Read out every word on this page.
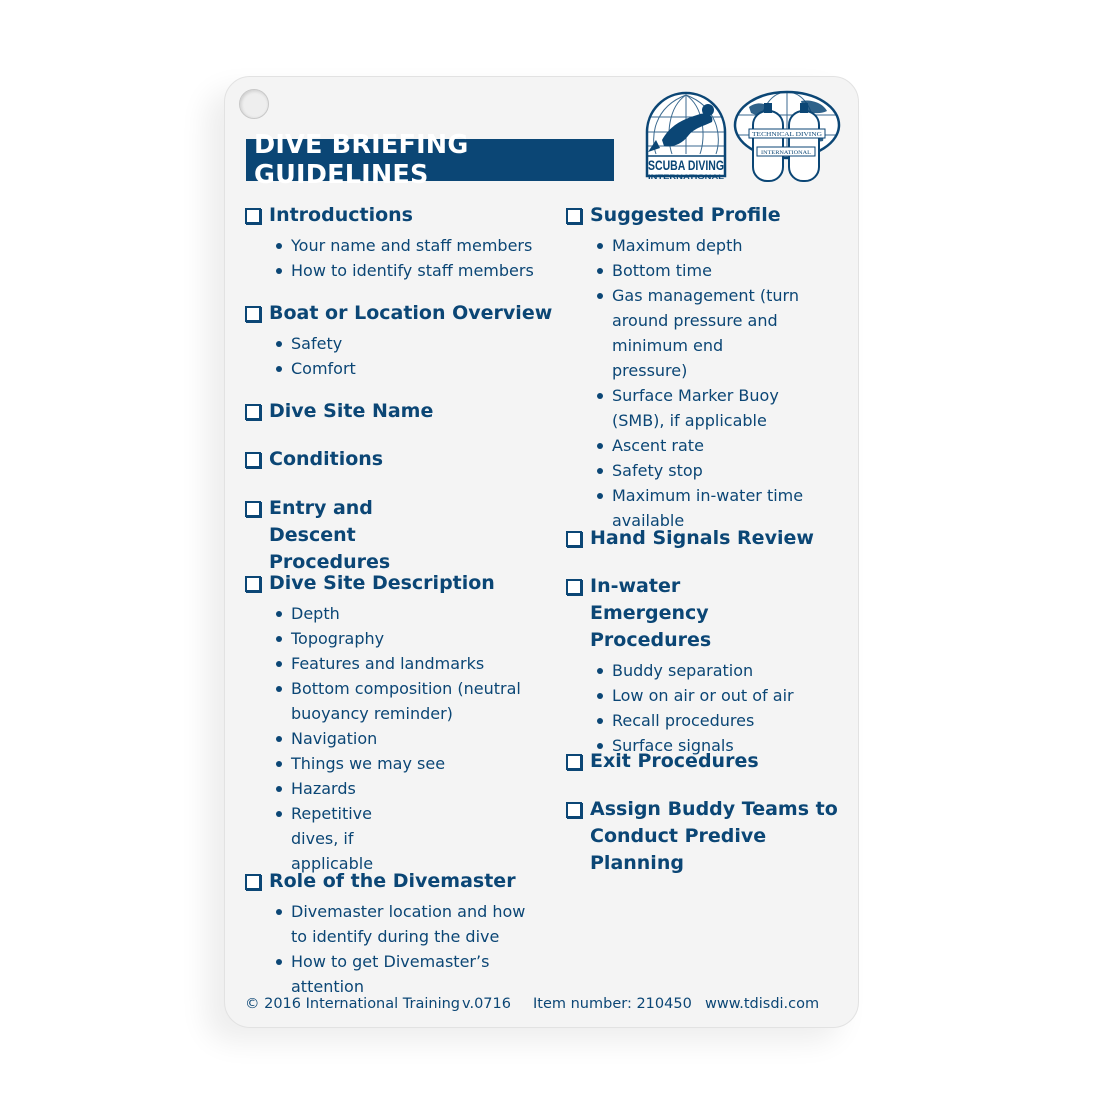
DIVE BRIEFING GUIDELINES	SCUBA DIVING
INTERNATIONAL
TECHNICAL DIVING
INTERNATIONAL
Introductions
Your name and staff members
How to identify staff members
Boat or Location Overview
Safety
Comfort
Dive Site Name
Conditions
Entry and Descent Procedures
Dive Site Description
Depth
Topography
Features and landmarks
Bottom composition (neutral buoyancy reminder)
Navigation
Things we may see
Hazards
Repetitive dives, if applicable
Role of the Divemaster
Divemaster location and how to identify during the dive
How to get Divemaster’s attention
Suggested Profile
Maximum depth
Bottom time
Gas management (turn around pressure and minimum end pressure)
Surface Marker Buoy (SMB), if applicable
Ascent rate
Safety stop
Maximum in-water time available
Hand Signals Review
In-water Emergency Procedures
Buddy separation
Low on air or out of air
Recall procedures
Surface signals
Exit Procedures
Assign Buddy Teams to Conduct Predive Planning
© 2016 International Training v.0716 Item number: 210450 www.tdisdi.com
